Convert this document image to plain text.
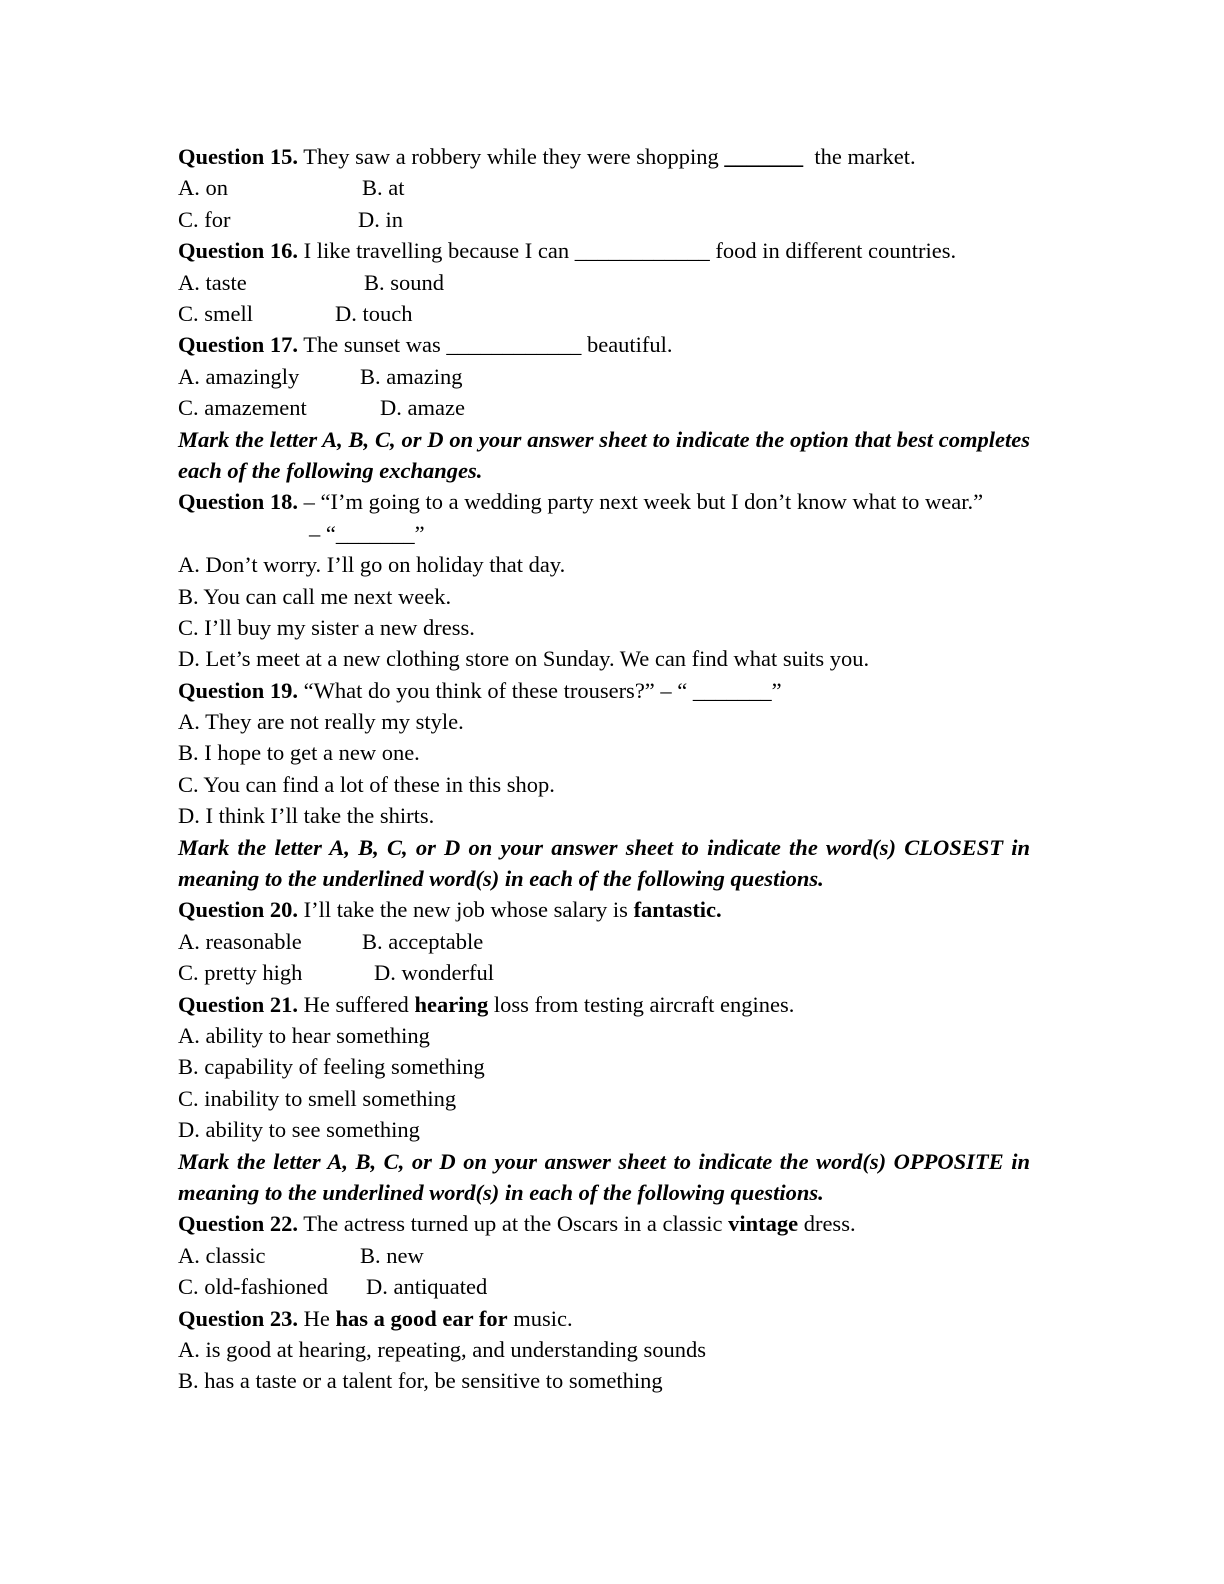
Question 15. They saw a robbery while they were shopping _______  the market.
A. on	B. at
C. for	D. in
Question 16. I like travelling because I can ____________ food in different countries.
A. taste	B. sound
C. smell	D. touch
Question 17. The sunset was ____________ beautiful.
A. amazingly	B. amazing
C. amazement	D. amaze
Mark the letter A, B, C, or D on your answer sheet to indicate the option that best completes each of the following exchanges.
Question 18. – “I’m going to a wedding party next week but I don’t know what to wear.”
– “_______”
A. Don’t worry. I’ll go on holiday that day.
B. You can call me next week.
C. I’ll buy my sister a new dress.
D. Let’s meet at a new clothing store on Sunday. We can find what suits you.
Question 19. “What do you think of these trousers?” – “ _______”
A. They are not really my style.
B. I hope to get a new one.
C. You can find a lot of these in this shop.
D. I think I’ll take the shirts.
Mark the letter A, B, C, or D on your answer sheet to indicate the word(s) CLOSEST in meaning to the underlined word(s) in each of the following questions.
Question 20. I’ll take the new job whose salary is fantastic.
A. reasonable	B. acceptable
C. pretty high	D. wonderful
Question 21. He suffered hearing loss from testing aircraft engines.
A. ability to hear something
B. capability of feeling something
C. inability to smell something
D. ability to see something
Mark the letter A, B, C, or D on your answer sheet to indicate the word(s) OPPOSITE in meaning to the underlined word(s) in each of the following questions.
Question 22. The actress turned up at the Oscars in a classic vintage dress.
A. classic	B. new
C. old-fashioned	D. antiquated
Question 23. He has a good ear for music.
A. is good at hearing, repeating, and understanding sounds
B. has a taste or a talent for, be sensitive to something
